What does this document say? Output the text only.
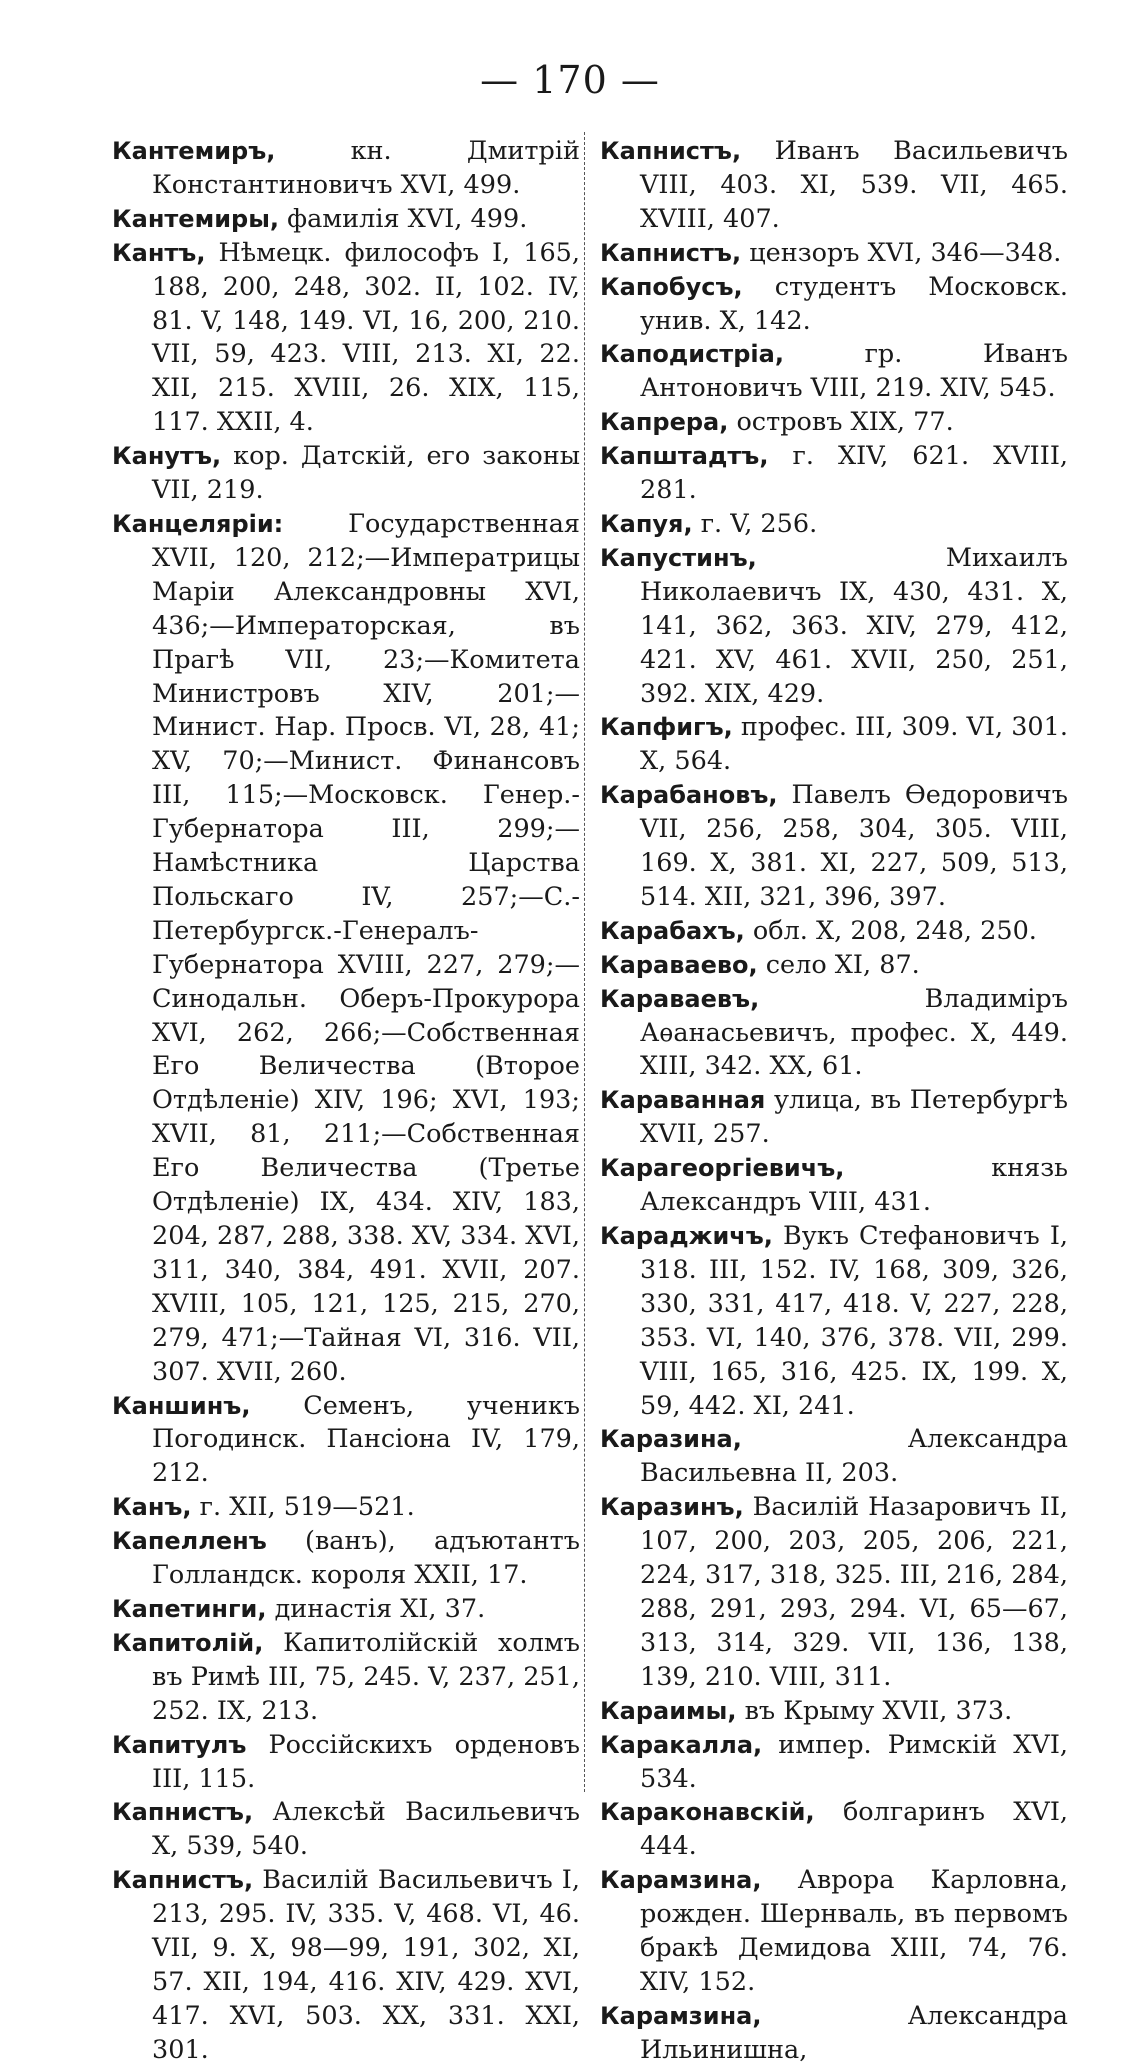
— 170 —

Кантемиръ,	кн. Дмитрій Константиновичъ XVI, 499.

Кантемиры, фамилія XVI, 499.

Кантъ, Нѣмецк. философъ I, 165, 188, 200, 248, 302. II, 102. IV, 81. V, 148, 149. VI, 16, 200, 210. VII, 59, 423. VIII, 213. XI, 22. XII, 215. XVIII, 26. XIX, 115, 117. XXII, 4.

Канутъ, кор. Датскій, его законы VII, 219.

Канцеляріи:	Государственная XVII, 120, 212;—Императрицы Маріи Александровны XVI, 436;—Императорская, въ Прагѣ VII, 23;—Комитета Министровъ XIV, 201;—Минист. Нар. Просв. VI, 28, 41; XV, 70;—Минист. Финансовъ III, 115;—Московск. Генер.-Губернатора III, 299;—Намѣстника Царства Польскаго IV, 257;—С.-Петербургск.-Генералъ-Губернатора XVIII, 227, 279;—Синодальн. Оберъ-Прокурора XVI, 262, 266;—Собственная Его Величества (Второе Отдѣленіе) XIV, 196; XVI, 193; XVII, 81, 211;—Собственная Его Величества (Третье Отдѣленіе) IX, 434. XIV, 183, 204, 287, 288, 338. XV, 334. XVI, 311, 340, 384, 491. XVII, 207. XVIII, 105, 121, 125, 215, 270, 279, 471;—Тайная VI, 316. VII, 307. XVII, 260.

Каншинъ, Семенъ, ученикъ Погодинск. Пансіона IV, 179, 212.

Канъ, г. XII, 519—521.

Капелленъ (ванъ), адъютантъ Голландск. короля XXII, 17.

Капетинги, династія XI, 37.

Капитолій, Капитолійскій холмъ въ Римѣ III, 75, 245. V, 237, 251, 252. IX, 213.

Капитулъ Россійскихъ орденовъ III, 115.

Капнистъ, Алексѣй Васильевичъ X, 539, 540.

Капнистъ, Василій Васильевичъ I, 213, 295. IV, 335. V, 468. VI, 46. VII, 9. X, 98—99, 191, 302, XI, 57. XII, 194, 416. XIV, 429. XVI, 417. XVI, 503. XX, 331. XXI, 301.

Капнистъ, Иванъ Васильевичъ VIII, 403. XI, 539. VII, 465. XVIII, 407.

Капнистъ, цензоръ XVI, 346—348.

Капобусъ, студентъ Московск. унив. X, 142.

Каподистріа,	гр. Иванъ Антоновичъ VIII, 219. XIV, 545.

Капрера, островъ XIX, 77.

Капштадтъ, г. XIV, 621. XVIII, 281.

Капуя, г. V, 256.

Капустинъ,	Михаилъ Николаевичъ IX, 430, 431. X, 141, 362, 363. XIV, 279, 412, 421. XV, 461. XVII, 250, 251, 392. XIX, 429.

Капфигъ, профес. III, 309. VI, 301. X, 564.

Карабановъ, Павелъ Ѳедоровичъ VII, 256, 258, 304, 305. VIII, 169. X, 381. XI, 227, 509, 513, 514. XII, 321, 396, 397.

Карабахъ, обл. X, 208, 248, 250.

Караваево, село XI, 87.

Караваевъ,	Владиміръ Аѳанасьевичъ, профес. X, 449. XIII, 342. XX, 61.

Караванная улица, въ Петербургѣ XVII, 257.

Карагеоргіевичъ,	князь Александръ VIII, 431.

Караджичъ, Вукъ Стефановичъ I, 318. III, 152. IV, 168, 309, 326, 330, 331, 417, 418. V, 227, 228, 353. VI, 140, 376, 378. VII, 299. VIII, 165, 316, 425. IX, 199. X, 59, 442. XI, 241.

Каразина,	Александра Васильевна II, 203.

Каразинъ, Василій Назаровичъ II, 107, 200, 203, 205, 206, 221, 224, 317, 318, 325. III, 216, 284, 288, 291, 293, 294. VI, 65—67, 313, 314, 329. VII, 136, 138, 139, 210. VIII, 311.

Караимы, въ Крыму XVII, 373.

Каракалла, импер. Римскій XVI, 534.

Караконавскій, болгаринъ XVI, 444.

Карамзина, Аврора Карловна, рожден. Шернваль, въ первомъ бракѣ Демидова XIII, 74, 76. XIV, 152.

Карамзина,	Александра Ильинишна,
